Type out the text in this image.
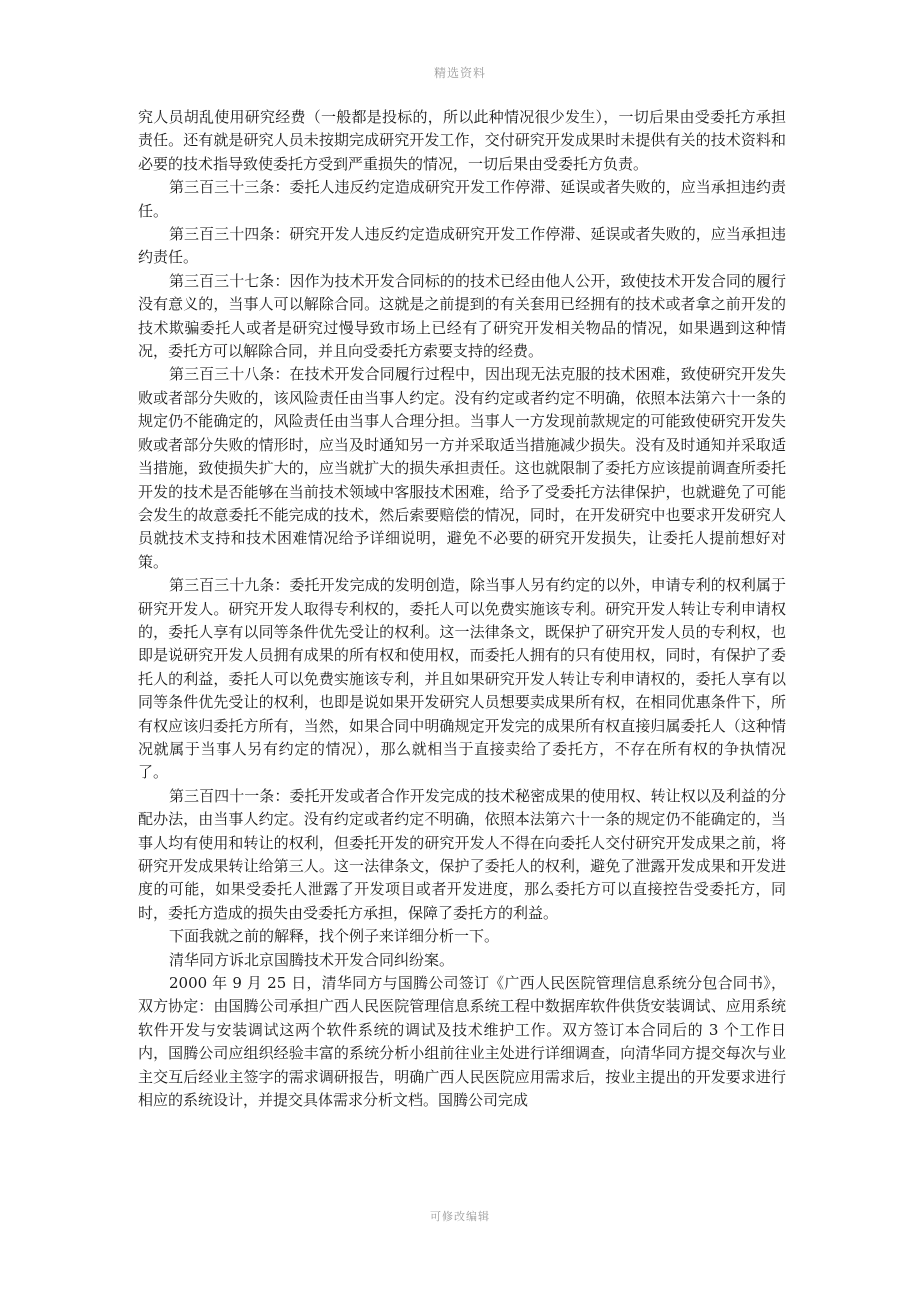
精选资料

究人员胡乱使用研究经费（一般都是投标的，所以此种情况很少发生），一切后果由受委托方承担责任。还有就是研究人员未按期完成研究开发工作，交付研究开发成果时未提供有关的技术资料和必要的技术指导致使委托方受到严重损失的情况，一切后果由受委托方负责。

第三百三十三条：委托人违反约定造成研究开发工作停滞、延误或者失败的，应当承担违约责任。

第三百三十四条：研究开发人违反约定造成研究开发工作停滞、延误或者失败的，应当承担违约责任。

第三百三十七条：因作为技术开发合同标的的技术已经由他人公开，致使技术开发合同的履行没有意义的，当事人可以解除合同。这就是之前提到的有关套用已经拥有的技术或者拿之前开发的技术欺骗委托人或者是研究过慢导致市场上已经有了研究开发相关物品的情况，如果遇到这种情况，委托方可以解除合同，并且向受委托方索要支持的经费。

第三百三十八条：在技术开发合同履行过程中，因出现无法克服的技术困难，致使研究开发失败或者部分失败的，该风险责任由当事人约定。没有约定或者约定不明确，依照本法第六十一条的规定仍不能确定的，风险责任由当事人合理分担。当事人一方发现前款规定的可能致使研究开发失败或者部分失败的情形时，应当及时通知另一方并采取适当措施减少损失。没有及时通知并采取适当措施，致使损失扩大的，应当就扩大的损失承担责任。这也就限制了委托方应该提前调查所委托开发的技术是否能够在当前技术领域中客服技术困难，给予了受委托方法律保护，也就避免了可能会发生的故意委托不能完成的技术，然后索要赔偿的情况，同时，在开发研究中也要求开发研究人员就技术支持和技术困难情况给予详细说明，避免不必要的研究开发损失，让委托人提前想好对策。

第三百三十九条：委托开发完成的发明创造，除当事人另有约定的以外，申请专利的权利属于研究开发人。研究开发人取得专利权的，委托人可以免费实施该专利。研究开发人转让专利申请权的，委托人享有以同等条件优先受让的权利。这一法律条文，既保护了研究开发人员的专利权，也即是说研究开发人员拥有成果的所有权和使用权，而委托人拥有的只有使用权，同时，有保护了委托人的利益，委托人可以免费实施该专利，并且如果研究开发人转让专利申请权的，委托人享有以同等条件优先受让的权利，也即是说如果开发研究人员想要卖成果所有权，在相同优惠条件下，所有权应该归委托方所有，当然，如果合同中明确规定开发完的成果所有权直接归属委托人（这种情况就属于当事人另有约定的情况），那么就相当于直接卖给了委托方，不存在所有权的争执情况了。

第三百四十一条：委托开发或者合作开发完成的技术秘密成果的使用权、转让权以及利益的分配办法，由当事人约定。没有约定或者约定不明确，依照本法第六十一条的规定仍不能确定的，当事人均有使用和转让的权利，但委托开发的研究开发人不得在向委托人交付研究开发成果之前，将研究开发成果转让给第三人。这一法律条文，保护了委托人的权利，避免了泄露开发成果和开发进度的可能，如果受委托人泄露了开发项目或者开发进度，那么委托方可以直接控告受委托方，同时，委托方造成的损失由受委托方承担，保障了委托方的利益。

下面我就之前的解释，找个例子来详细分析一下。

清华同方诉北京国腾技术开发合同纠纷案。

2000 年 9 月 25 日，清华同方与国腾公司签订《广西人民医院管理信息系统分包合同书》，双方协定：由国腾公司承担广西人民医院管理信息系统工程中数据库软件供货安装调试、应用系统软件开发与安装调试这两个软件系统的调试及技术维护工作。双方签订本合同后的 3 个工作日内，国腾公司应组织经验丰富的系统分析小组前往业主处进行详细调查，向清华同方提交每次与业主交互后经业主签字的需求调研报告，明确广西人民医院应用需求后，按业主提出的开发要求进行相应的系统设计，并提交具体需求分析文档。国腾公司完成

可修改编辑
